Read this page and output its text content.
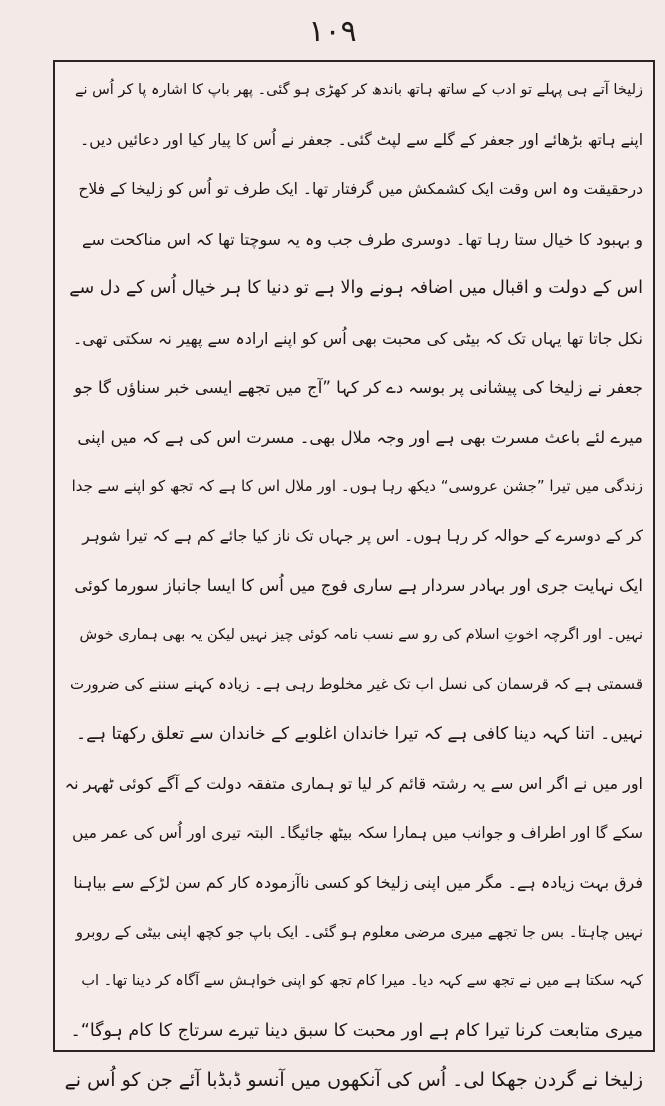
۱۰۹
زلیخا آتے ہی پہلے تو ادب کے ساتھ ہاتھ باندھ کر کھڑی ہو گئی۔ پھر باپ کا اشارہ پا کر اُس نے
اپنے ہاتھ بڑھائے اور جعفر کے گلے سے لپٹ گئی۔ جعفر نے اُس کا پیار کیا اور دعائیں دیں۔
درحقیقت وہ اس وقت ایک کشمکش میں گرفتار تھا۔ ایک طرف تو اُس کو زلیخا کے فلاح
و بہبود کا خیال ستا رہا تھا۔ دوسری طرف جب وہ یہ سوچتا تھا کہ اس مناکحت سے
اس کے دولت و اقبال میں اضافہ ہونے والا ہے تو دنیا کا ہر خیال اُس کے دل سے
نکل جاتا تھا یہاں تک کہ بیٹی کی محبت بھی اُس کو اپنے ارادہ سے پھیر نہ سکتی تھی۔
جعفر نے زلیخا کی پیشانی پر بوسہ دے کر کہا ”آج میں تجھے ایسی خبر سناؤں گا جو
میرے لئے باعث مسرت بھی ہے اور وجہ ملال بھی۔ مسرت اس کی ہے کہ میں اپنی
زندگی میں تیرا ”جشن عروسی“ دیکھ رہا ہوں۔ اور ملال اس کا ہے کہ تجھ کو اپنے سے جدا
کر کے دوسرے کے حوالہ کر رہا ہوں۔ اس پر جہاں تک ناز کیا جائے کم ہے کہ تیرا شوہر
ایک نہایت جری اور بہادر سردار ہے ساری فوج میں اُس کا ایسا جانباز سورما کوئی
نہیں۔ اور اگرچہ اخوتِ اسلام کی رو سے نسب نامہ کوئی چیز نہیں لیکن یہ بھی ہماری خوش
قسمتی ہے کہ قرسمان کی نسل اب تک غیر مخلوط رہی ہے۔ زیادہ کہنے سننے کی ضرورت
نہیں۔ اتنا کہہ دینا کافی ہے کہ تیرا خاندان اغلوبے کے خاندان سے تعلق رکھتا ہے۔
اور میں نے اگر اس سے یہ رشتہ قائم کر لیا تو ہماری متفقہ دولت کے آگے کوئی ٹھہر نہ
سکے گا اور اطراف و جوانب میں ہمارا سکہ بیٹھ جائیگا۔ البتہ تیری اور اُس کی عمر میں
فرق بہت زیادہ ہے۔ مگر میں اپنی زلیخا کو کسی ناآزمودہ کار کم سن لڑکے سے بیاہنا
نہیں چاہتا۔ بس جا تجھے میری مرضی معلوم ہو گئی۔ ایک باپ جو کچھ اپنی بیٹی کے روبرو
کہہ سکتا ہے میں نے تجھ سے کہہ دیا۔ میرا کام تجھ کو اپنی خواہش سے آگاہ کر دینا تھا۔ اب
میری متابعت کرنا تیرا کام ہے اور محبت کا سبق دینا تیرے سرتاج کا کام ہوگا“۔
زلیخا نے گردن جھکا لی۔ اُس کی آنکھوں میں آنسو ڈبڈبا آئے جن کو اُس نے
